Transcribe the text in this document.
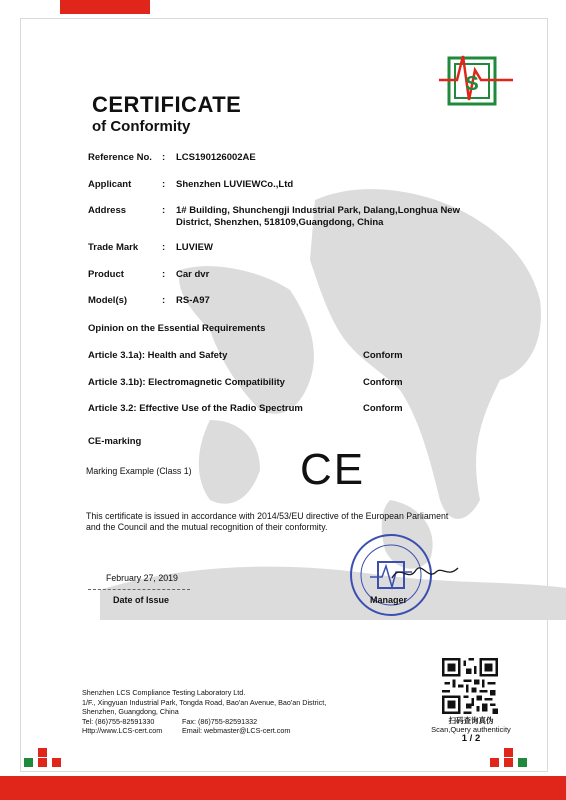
S
CERTIFICATE
of Conformity
Reference No. : LCS190126002AE
Applicant	: Shenzhen LUVIEWCo.,Ltd
Address	: 1# Building, Shunchengji Industrial Park, Dalang,Longhua New
District, Shenzhen, 518109,Guangdong, China
Trade Mark	: LUVIEW
Product	: Car dvr
Model(s)	: RS-A97
Opinion on the Essential Requirements
Article 3.1a): Health and Safety	Conform
Article 3.1b): Electromagnetic Compatibility	Conform
Article 3.2: Effective Use of the Radio Spectrum	Conform
CE-marking
Marking Example (Class 1) CE
This certificate is issued in accordance with 2014/53/EU directive of the European Parliament
and the Council and the mutual recognition of their conformity.
February 27, 2019
Date of Issue	Manager
Shenzhen LCS Compliance Testing Laboratory Ltd.
1/F., Xingyuan Industrial Park, Tongda Road, Bao'an Avenue, Bao'an District,
Shenzhen, Guangdong, China
Tel: (86)755-82591330	Fax: (86)755-82591332
Http://www.LCS-cert.com	Email: webmaster@LCS-cert.com
扫码查询真伪
Scan,Query authenticity
1 / 2
